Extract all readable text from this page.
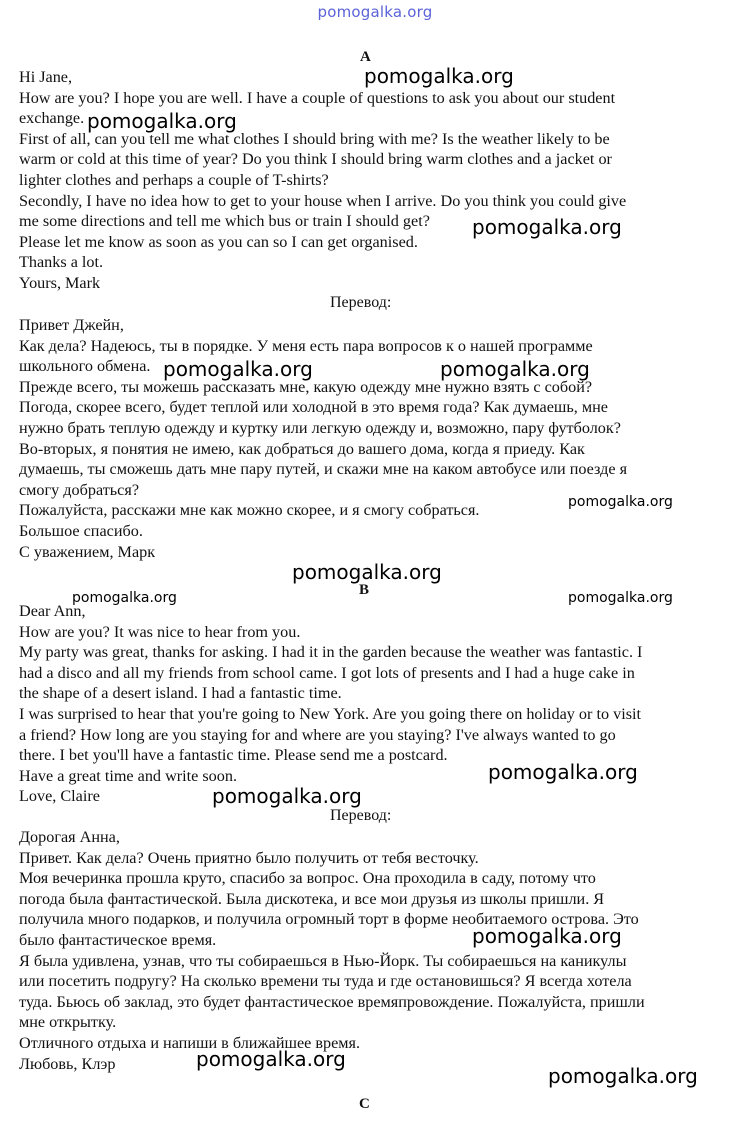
pomogalka.org
A
Hi Jane,
How are you? I hope you are well. I have a couple of questions to ask you about our student
exchange.
First of all, can you tell me what clothes I should bring with me? Is the weather likely to be
warm or cold at this time of year? Do you think I should bring warm clothes and a jacket or
lighter clothes and perhaps a couple of T-shirts?
Secondly, I have no idea how to get to your house when I arrive. Do you think you could give
me some directions and tell me which bus or train I should get?
Please let me know as soon as you can so I can get organised.
Thanks a lot.
Yours, Mark
Перевод:
Привет Джейн,
Как дела? Надеюсь, ты в порядке. У меня есть пара вопросов к о нашей программе
школьного обмена.
Прежде всего, ты можешь рассказать мне, какую одежду мне нужно взять с собой?
Погода, скорее всего, будет теплой или холодной в это время года? Как думаешь, мне
нужно брать теплую одежду и куртку или легкую одежду и, возможно, пару футболок?
Во-вторых, я понятия не имею, как добраться до вашего дома, когда я приеду. Как
думаешь, ты сможешь дать мне пару путей, и скажи мне на каком автобусе или поезде я
смогу добраться?
Пожалуйста, расскажи мне как можно скорее, и я смогу собраться.
Большое спасибо.
С уважением, Марк
B
Dear Ann,
How are you? It was nice to hear from you.
My party was great, thanks for asking. I had it in the garden because the weather was fantastic. I
had a disco and all my friends from school came. I got lots of presents and I had a huge cake in
the shape of a desert island. I had a fantastic time.
I was surprised to hear that you're going to New York. Are you going there on holiday or to visit
a friend? How long are you staying for and where are you staying? I've always wanted to go
there. I bet you'll have a fantastic time. Please send me a postcard.
Have a great time and write soon.
Love, Claire
Перевод:
Дорогая Анна,
Привет. Как дела? Очень приятно было получить от тебя весточку.
Моя вечеринка прошла круто, спасибо за вопрос. Она проходила в саду, потому что
погода была фантастической. Была дискотека, и все мои друзья из школы пришли. Я
получила много подарков, и получила огромный торт в форме необитаемого острова. Это
было фантастическое время.
Я была удивлена, узнав, что ты собираешься в Нью-Йорк. Ты собираешься на каникулы
или посетить подругу? На сколько времени ты туда и где остановишься? Я всегда хотела
туда. Бьюсь об заклад, это будет фантастическое времяпровождение. Пожалуйста, пришли
мне открытку.
Отличного отдыха и напиши в ближайшее время.
Любовь, Клэр
C
pomogalka.org
pomogalka.org
pomogalka.org
pomogalka.org	pomogalka.org
pomogalka.org
pomogalka.org
pomogalka.org	pomogalka.org
pomogalka.org
pomogalka.org
pomogalka.org
pomogalka.org
pomogalka.org
